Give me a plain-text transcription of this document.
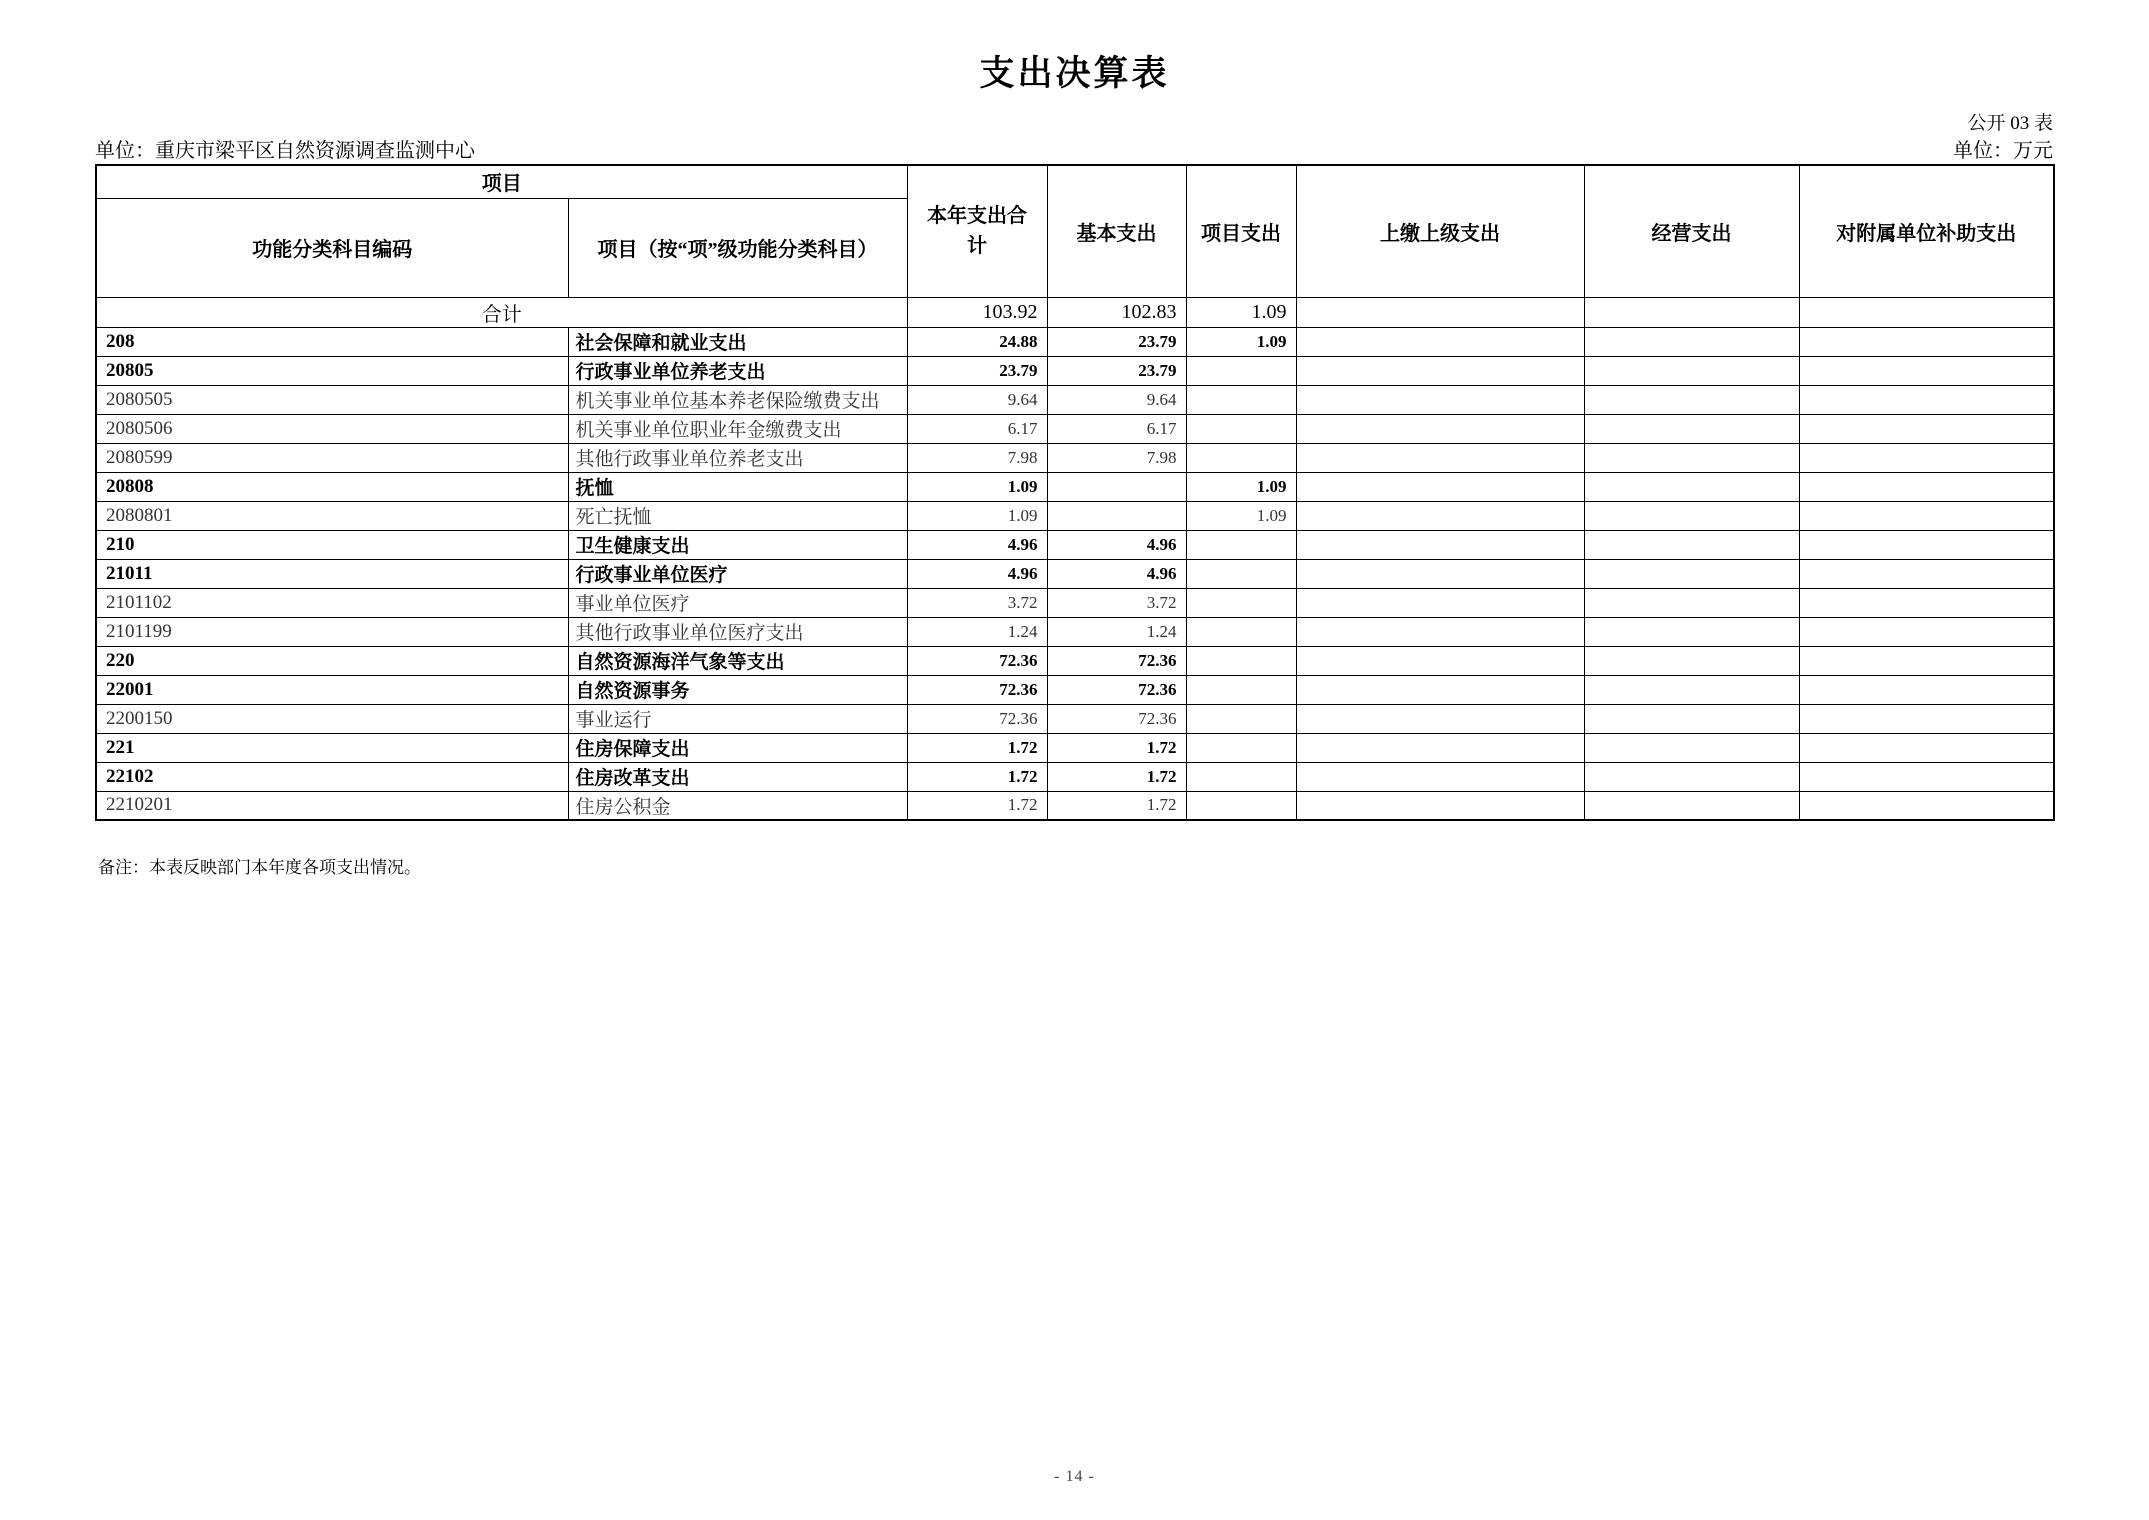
支出决算表
公开 03 表
单位：重庆市梁平区自然资源调查监测中心	单位：万元
项目		本年支出合计	基本支出	项目支出	上缴上级支出	经营支出	对附属单位补助支出
功能分类科目编码	项目（按“项”级功能分类科目）						
合计		103.92	102.83	1.09			
208	社会保障和就业支出	24.88	23.79	1.09			
20805	行政事业单位养老支出	23.79	23.79				
2080505	机关事业单位基本养老保险缴费支出	9.64	9.64				
2080506	机关事业单位职业年金缴费支出	6.17	6.17				
2080599	其他行政事业单位养老支出	7.98	7.98				
20808	抚恤	1.09		1.09			
2080801	死亡抚恤	1.09		1.09			
210	卫生健康支出	4.96	4.96				
21011	行政事业单位医疗	4.96	4.96				
2101102	事业单位医疗	3.72	3.72				
2101199	其他行政事业单位医疗支出	1.24	1.24				
220	自然资源海洋气象等支出	72.36	72.36				
22001	自然资源事务	72.36	72.36				
2200150	事业运行	72.36	72.36				
221	住房保障支出	1.72	1.72				
22102	住房改革支出	1.72	1.72				
2210201	住房公积金	1.72	1.72				
备注：本表反映部门本年度各项支出情况。
- 14 -
